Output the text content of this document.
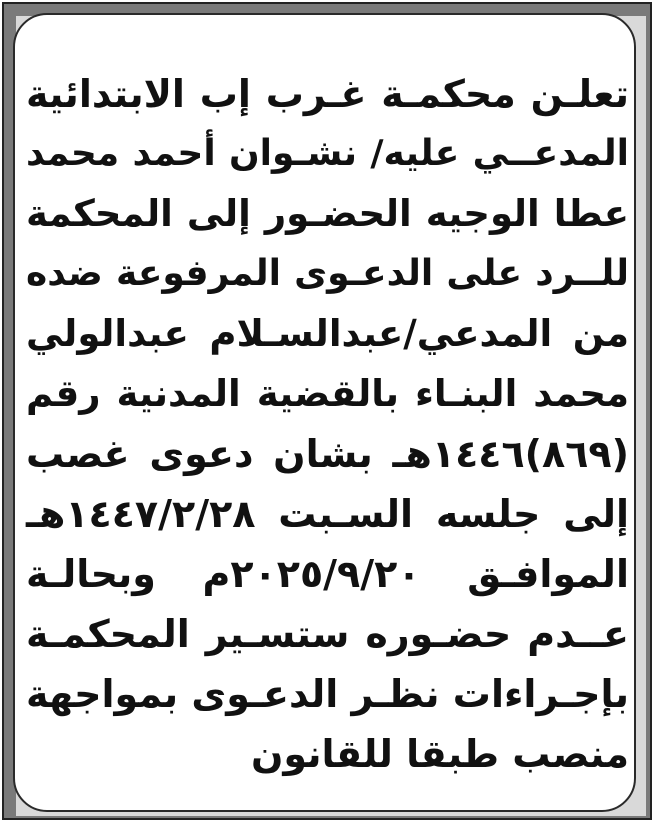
تعلـن محكمـة غـرب إب الابتدائية
المدعــي عليه/ نشـوان أحمد محمد
عطا الوجيه الحضـور إلى المحكمة
للــرد على الدعـوى المرفوعة ضده
من المدعي/عبدالسـلام عبدالولي
محمد البنـاء بالقضية المدنية رقم
(٨٦٩)١٤٤٦هـ بشان دعوى غصب
إلى جلسه السـبت ١٤٤٧/٢/٢٨هـ
الموافـق ٢٠٢٥/٩/٢٠م وبحالـة
عــدم حضـوره ستسـير المحكمـة
بإجـراءات نظـر الدعـوى بمواجهة
منصب طبقا للقانون
